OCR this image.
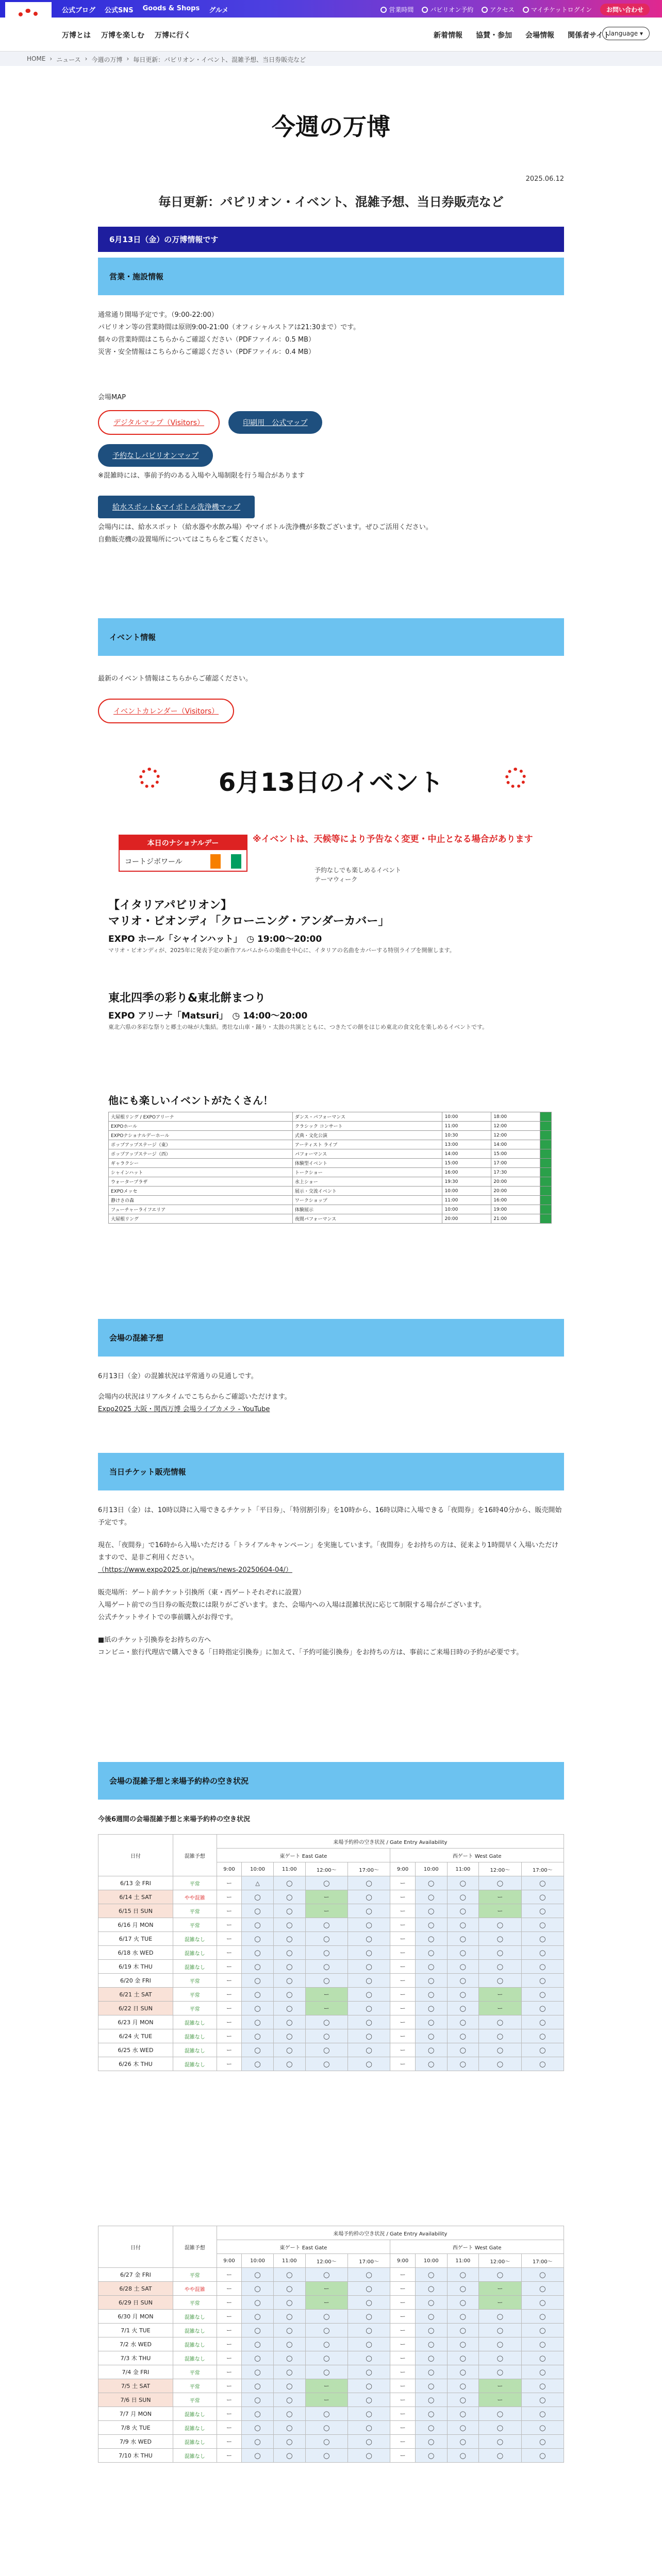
公式ブログ 公式SNS Goods & Shops グルメ	営業時間	パビリオン予約	アクセス	マイチケットログイン	お問い合わせ
万博とは 万博を楽しむ 万博に行く	新着情報 協賛・参加 会場情報 関係者サイト
language ▾
HOME › ニュース › 今週の万博 › 毎日更新：パビリオン・イベント、混雑予想、当日券販売など
今週の万博
2025.06.12
毎日更新：パビリオン・イベント、混雑予想、当日券販売など
6月13日（金）の万博情報です
営業・施設情報

通常通り開場予定です。（9:00-22:00）

パビリオン等の営業時間は原則9:00-21:00（オフィシャルストアは21:30まで）です。

個々の営業時間はこちらからご確認ください（PDFファイル：0.5 MB）

災害・安全情報はこちらからご確認ください（PDFファイル：0.4 MB）

会場MAP

デジタルマップ（Visitors）	印刷用　公式マップ
予約なしパビリオンマップ

※混雑時には、事前予約のある入場や入場制限を行う場合があります

給水スポット&マイボトル洗浄機マップ

会場内には、給水スポット（給水器や水飲み場）やマイボトル洗浄機が多数ございます。ぜひご活用ください。

自動販売機の設置場所についてはこちらをご覧ください。

イベント情報

最新のイベント情報はこちらからご確認ください。

イベントカレンダー（Visitors）
6月13日のイベント
本日のナショナルデー
コートジボワール
※イベントは、天候等により予告なく変更・中止となる場合があります
予約なしでも楽しめるイベント
テーマウィーク
【イタリアパビリオン】
マリオ・ビオンディ「クローニング・アンダーカバー」
EXPO ホール「シャインハット」　 ◷ 19:00〜20:00
マリオ・ビオンディが、2025年に発表予定の新作アルバムからの楽曲を中心に、イタリアの名曲をカバーする特別ライブを開催します。
東北四季の彩り&東北餅まつり
EXPO アリーナ「Matsuri」　 ◷ 14:00〜20:00
東北六県の多彩な祭りと郷土の味が大集結。勇壮な山車・踊り・太鼓の共演とともに、つきたての餅をはじめ東北の食文化を楽しめるイベントです。
他にも楽しいイベントがたくさん！
大屋根リング / EXPOアリーナ	ダンス・パフォーマンス	10:00	18:00	
EXPOホール	クラシック コンサート	11:00	12:00	
EXPOナショナルデーホール	式典・文化公演	10:30	12:00	
ポップアップステージ（東）	アーティスト ライブ	13:00	14:00	
ポップアップステージ（西）	パフォーマンス	14:00	15:00	
ギャラクシー	体験型イベント	15:00	17:00	
シャインハット	トークショー	16:00	17:30	
ウォータープラザ	水上ショー	19:30	20:00	
EXPOメッセ	展示・交流イベント	10:00	20:00	
静けさの森	ワークショップ	11:00	16:00	
フューチャーライフエリア	体験展示	10:00	19:00	
大屋根リング	夜間パフォーマンス	20:00	21:00	
会場の混雑予想

6月13日（金）の混雑状況は平常通りの見通しです。

会場内の状況はリアルタイムでこちらからご確認いただけます。

Expo2025 大阪・関西万博 会場ライブカメラ - YouTube

当日チケット販売情報

6月13日（金）は、10時以降に入場できるチケット「平日券」、「特別割引券」を10時から、16時以降に入場できる「夜間券」を16時40分から、販売開始予定です。

現在、「夜間券」で16時から入場いただける「トライアルキャンペーン」を実施しています。「夜間券」をお持ちの方は、従来より1時間早く入場いただけますので、是非ご利用ください。

（https://www.expo2025.or.jp/news/news-20250604-04/）

販売場所：ゲート前チケット引換所（東・西ゲートそれぞれに設置）

入場ゲート前での当日券の販売数には限りがございます。また、会場内への入場は混雑状況に応じて制限する場合がございます。

公式チケットサイトでの事前購入がお得です。

■紙のチケット引換券をお持ちの方へ

コンビニ・旅行代理店で購入できる「日時指定引換券」に加えて、「予約可能引換券」をお持ちの方は、事前にご来場日時の予約が必要です。

会場の混雑予想と来場予約枠の空き状況

今後6週間の会場混雑予想と来場予約枠の空き状況

日付	混雑予想	来場予約枠の空き状況 / Gate Entry Availability									
		東ゲート East Gate					西ゲート West Gate				
		9:00	10:00	11:00	12:00〜	17:00〜	9:00	10:00	11:00	12:00〜	17:00〜
6/13 金 FRI	平常	ー	△	◯	◯	◯	ー	◯	◯	◯	◯
6/14 土 SAT	やや混雑	ー	◯	◯	ー	◯	ー	◯	◯	ー	◯
6/15 日 SUN	平常	ー	◯	◯	ー	◯	ー	◯	◯	ー	◯
6/16 月 MON	平常	ー	◯	◯	◯	◯	ー	◯	◯	◯	◯
6/17 火 TUE	混雑なし	ー	◯	◯	◯	◯	ー	◯	◯	◯	◯
6/18 水 WED	混雑なし	ー	◯	◯	◯	◯	ー	◯	◯	◯	◯
6/19 木 THU	混雑なし	ー	◯	◯	◯	◯	ー	◯	◯	◯	◯
6/20 金 FRI	平常	ー	◯	◯	◯	◯	ー	◯	◯	◯	◯
6/21 土 SAT	平常	ー	◯	◯	ー	◯	ー	◯	◯	ー	◯
6/22 日 SUN	平常	ー	◯	◯	ー	◯	ー	◯	◯	ー	◯
6/23 月 MON	混雑なし	ー	◯	◯	◯	◯	ー	◯	◯	◯	◯
6/24 火 TUE	混雑なし	ー	◯	◯	◯	◯	ー	◯	◯	◯	◯
6/25 水 WED	混雑なし	ー	◯	◯	◯	◯	ー	◯	◯	◯	◯
6/26 木 THU	混雑なし	ー	◯	◯	◯	◯	ー	◯	◯	◯	◯
日付	混雑予想	来場予約枠の空き状況 / Gate Entry Availability									
		東ゲート East Gate					西ゲート West Gate				
		9:00	10:00	11:00	12:00〜	17:00〜	9:00	10:00	11:00	12:00〜	17:00〜
6/27 金 FRI	平常	ー	◯	◯	◯	◯	ー	◯	◯	◯	◯
6/28 土 SAT	やや混雑	ー	◯	◯	ー	◯	ー	◯	◯	ー	◯
6/29 日 SUN	平常	ー	◯	◯	ー	◯	ー	◯	◯	ー	◯
6/30 月 MON	混雑なし	ー	◯	◯	◯	◯	ー	◯	◯	◯	◯
7/1 火 TUE	混雑なし	ー	◯	◯	◯	◯	ー	◯	◯	◯	◯
7/2 水 WED	混雑なし	ー	◯	◯	◯	◯	ー	◯	◯	◯	◯
7/3 木 THU	混雑なし	ー	◯	◯	◯	◯	ー	◯	◯	◯	◯
7/4 金 FRI	平常	ー	◯	◯	◯	◯	ー	◯	◯	◯	◯
7/5 土 SAT	平常	ー	◯	◯	ー	◯	ー	◯	◯	ー	◯
7/6 日 SUN	平常	ー	◯	◯	ー	◯	ー	◯	◯	ー	◯
7/7 月 MON	混雑なし	ー	◯	◯	◯	◯	ー	◯	◯	◯	◯
7/8 火 TUE	混雑なし	ー	◯	◯	◯	◯	ー	◯	◯	◯	◯
7/9 水 WED	混雑なし	ー	◯	◯	◯	◯	ー	◯	◯	◯	◯
7/10 木 THU	混雑なし	ー	◯	◯	◯	◯	ー	◯	◯	◯	◯
